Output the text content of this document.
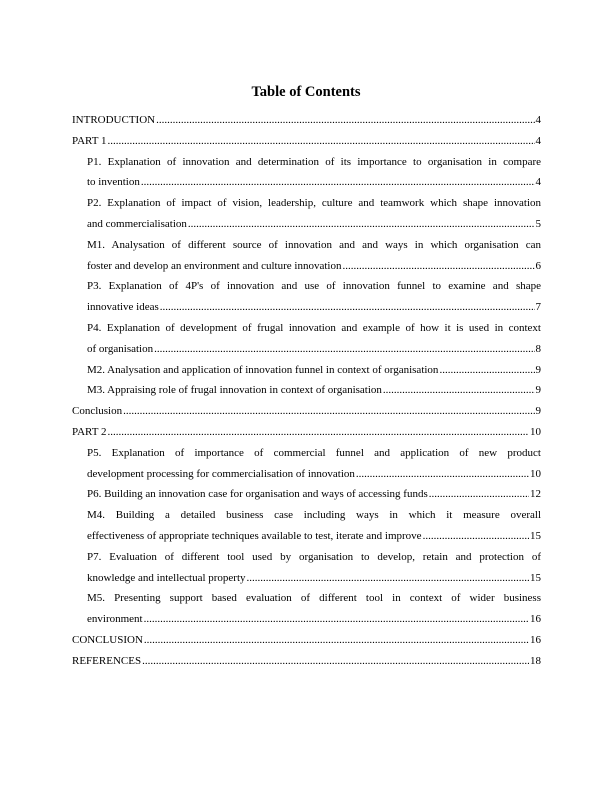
Table of Contents
INTRODUCTION .....	4
PART 1 .....	4
P1. Explanation of innovation and determination of its importance to organisation in compare
to invention .....	4
P2. Explanation of impact of vision, leadership, culture and teamwork which shape innovation
and commercialisation .....	5
M1. Analysation of different source of innovation and and ways in which organisation can
foster and develop an environment and culture innovation .....	6
P3. Explanation of 4P's of innovation and use of innovation funnel to examine and shape
innovative ideas .....	7
P4. Explanation of development of frugal innovation and example of how it is used in context
of organisation .....	8
M2. Analysation and application of innovation funnel in context of organisation .....	9
M3. Appraising role of frugal innovation in context of organisation .....	9
Conclusion .....	9
PART 2 .....	10
P5. Explanation of importance of commercial funnel and application of new product
development processing for commercialisation of innovation .....	10
P6. Building an innovation case for organisation and ways of accessing funds .....	12
M4. Building a detailed business case including ways in which it measure overall
effectiveness of appropriate techniques available to test, iterate and improve .....	15
P7. Evaluation of different tool used by organisation to develop, retain and protection of
knowledge and intellectual property .....	15
M5. Presenting support based evaluation of different tool in context of wider business
environment .....	16
CONCLUSION .....	16
REFERENCES .....	18
